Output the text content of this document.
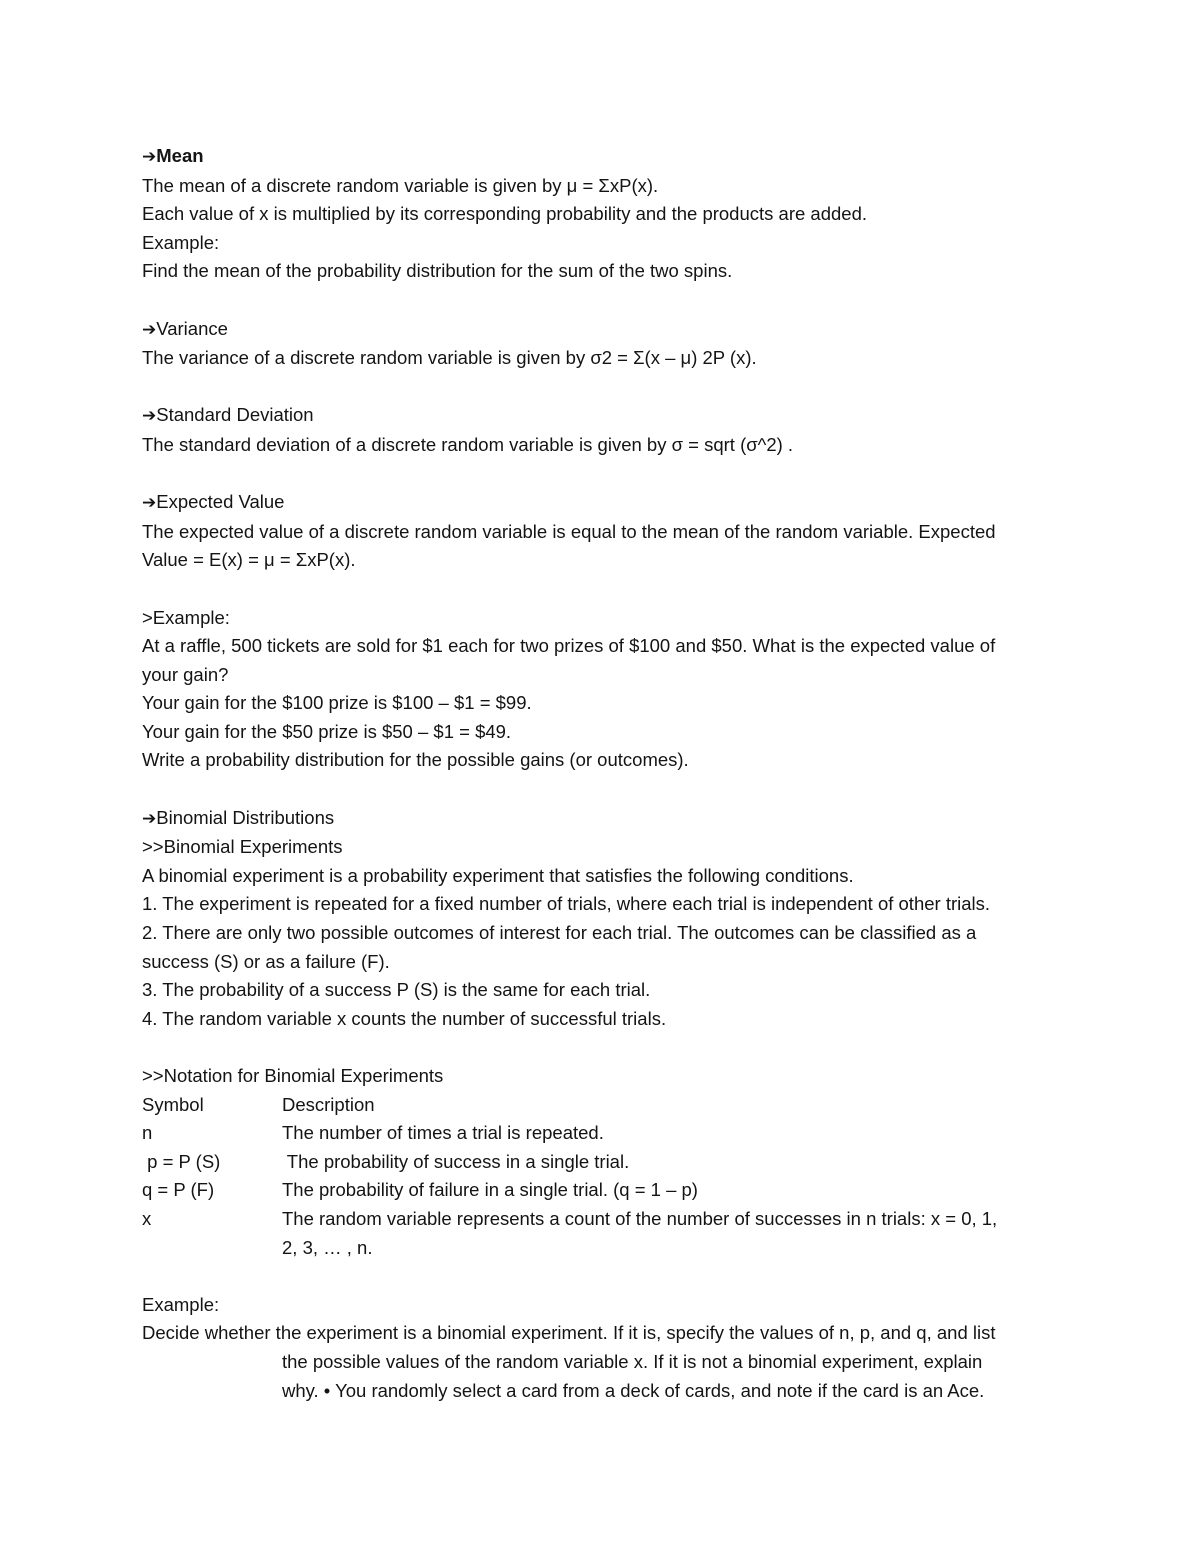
➔Mean
The mean of a discrete random variable is given by μ = ΣxP(x).
Each value of x is multiplied by its corresponding probability and the products are added.
Example:
Find the mean of the probability distribution for the sum of the two spins.
➔Variance
The variance of a discrete random variable is given by σ2 = Σ(x – μ) 2P (x).
➔Standard Deviation
The standard deviation of a discrete random variable is given by σ = sqrt (σ^2) .
➔Expected Value
The expected value of a discrete random variable is equal to the mean of the random variable. Expected
Value = E(x) = μ = ΣxP(x).
>Example:
At a raffle, 500 tickets are sold for $1 each for two prizes of $100 and $50. What is the expected value of
your gain?
Your gain for the $100 prize is $100 – $1 = $99.
Your gain for the $50 prize is $50 – $1 = $49.
Write a probability distribution for the possible gains (or outcomes).
➔Binomial Distributions
>>Binomial Experiments
A binomial experiment is a probability experiment that satisfies the following conditions.
1. The experiment is repeated for a fixed number of trials, where each trial is independent of other trials.
2. There are only two possible outcomes of interest for each trial. The outcomes can be classified as a
success (S) or as a failure (F).
3. The probability of a success P (S) is the same for each trial.
4. The random variable x counts the number of successful trials.
>>Notation for Binomial Experiments
Symbol	Description
n	The number of times a trial is repeated.
p = P (S)	The probability of success in a single trial.
q = P (F)	The probability of failure in a single trial. (q = 1 – p)
x	The random variable represents a count of the number of successes in n trials: x = 0, 1,
2, 3, … , n.
Example:
Decide whether the experiment is a binomial experiment. If it is, specify the values of n, p, and q, and list
the possible values of the random variable x. If it is not a binomial experiment, explain
why. • You randomly select a card from a deck of cards, and note if the card is an Ace.
